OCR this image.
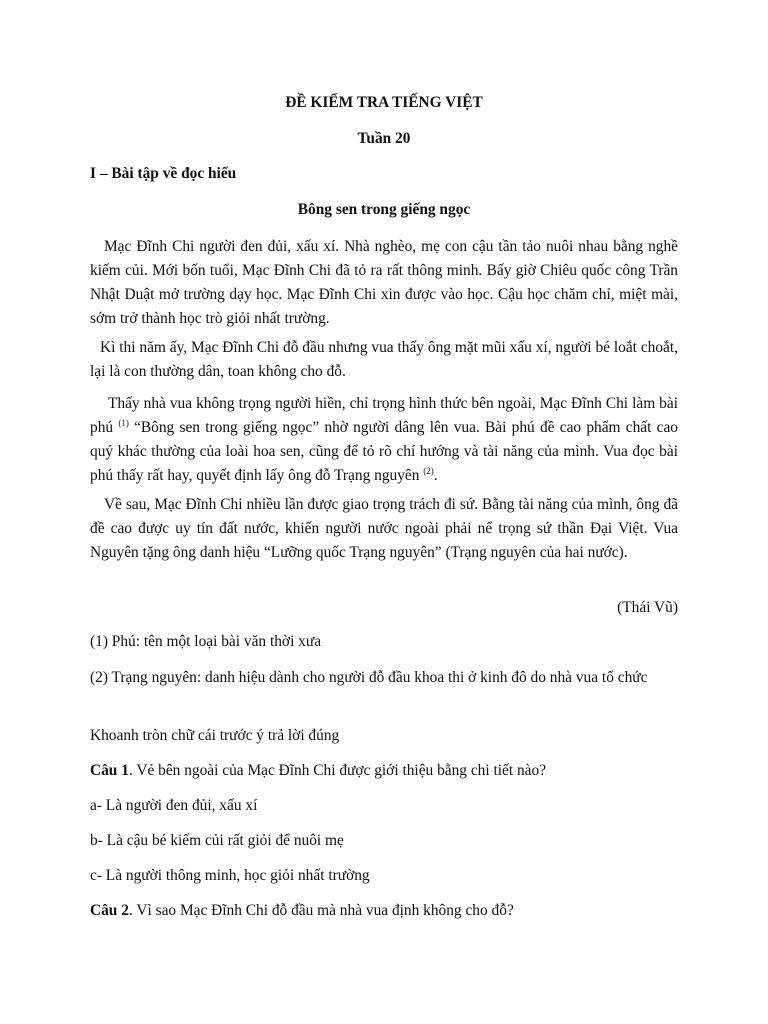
ĐỀ KIỂM TRA TIẾNG VIỆT

Tuần 20

I – Bài tập về đọc hiểu

Bông sen trong giếng ngọc

Mạc Đĩnh Chi người đen đủi, xấu xí. Nhà nghèo, mẹ con cậu tần tảo nuôi nhau bằng nghề kiếm củi. Mới bốn tuổi, Mạc Đĩnh Chi đã tỏ ra rất thông minh. Bấy giờ Chiêu quốc công Trần Nhật Duật mở trường dạy học. Mạc Đĩnh Chi xin được vào học. Cậu học chăm chỉ, miệt mài, sớm trở thành học trò giỏi nhất trường.

Kì thi năm ấy, Mạc Đĩnh Chi đỗ đầu nhưng vua thấy ông mặt mũi xấu xí, người bé loắt choắt, lại là con thường dân, toan không cho đỗ.

Thấy nhà vua không trọng người hiền, chỉ trọng hình thức bên ngoài, Mạc Đĩnh Chi làm bài phú $^{(1)}$ “Bông sen trong giếng ngọc” nhờ người dâng lên vua. Bài phú đề cao phẩm chất cao quý khác thường của loài hoa sen, cũng để tỏ rõ chí hướng và tài năng của mình. Vua đọc bài phú thấy rất hay, quyết định lấy ông đỗ Trạng nguyên $^{(2)}$.

Về sau, Mạc Đĩnh Chi nhiều lần được giao trọng trách đi sứ. Bằng tài năng của mình, ông đã đề cao được uy tín đất nước, khiến người nước ngoài phải nể trọng sứ thần Đại Việt. Vua Nguyên tặng ông danh hiệu “Lưỡng quốc Trạng nguyên” (Trạng nguyên của hai nước).

(Thái Vũ)

(1) Phú: tên một loại bài văn thời xưa

(2) Trạng nguyên: danh hiệu dành cho người đỗ đầu khoa thi ở kinh đô do nhà vua tổ chức

Khoanh tròn chữ cái trước ý trả lời đúng

Câu 1. Vẻ bên ngoài của Mạc Đĩnh Chi được giới thiệu bằng chi tiết nào?

a- Là người đen đủi, xấu xí

b- Là cậu bé kiếm củi rất giỏi để nuôi mẹ

c- Là người thông minh, học giỏi nhất trường

Câu 2. Vì sao Mạc Đĩnh Chi đỗ đầu mà nhà vua định không cho đỗ?
